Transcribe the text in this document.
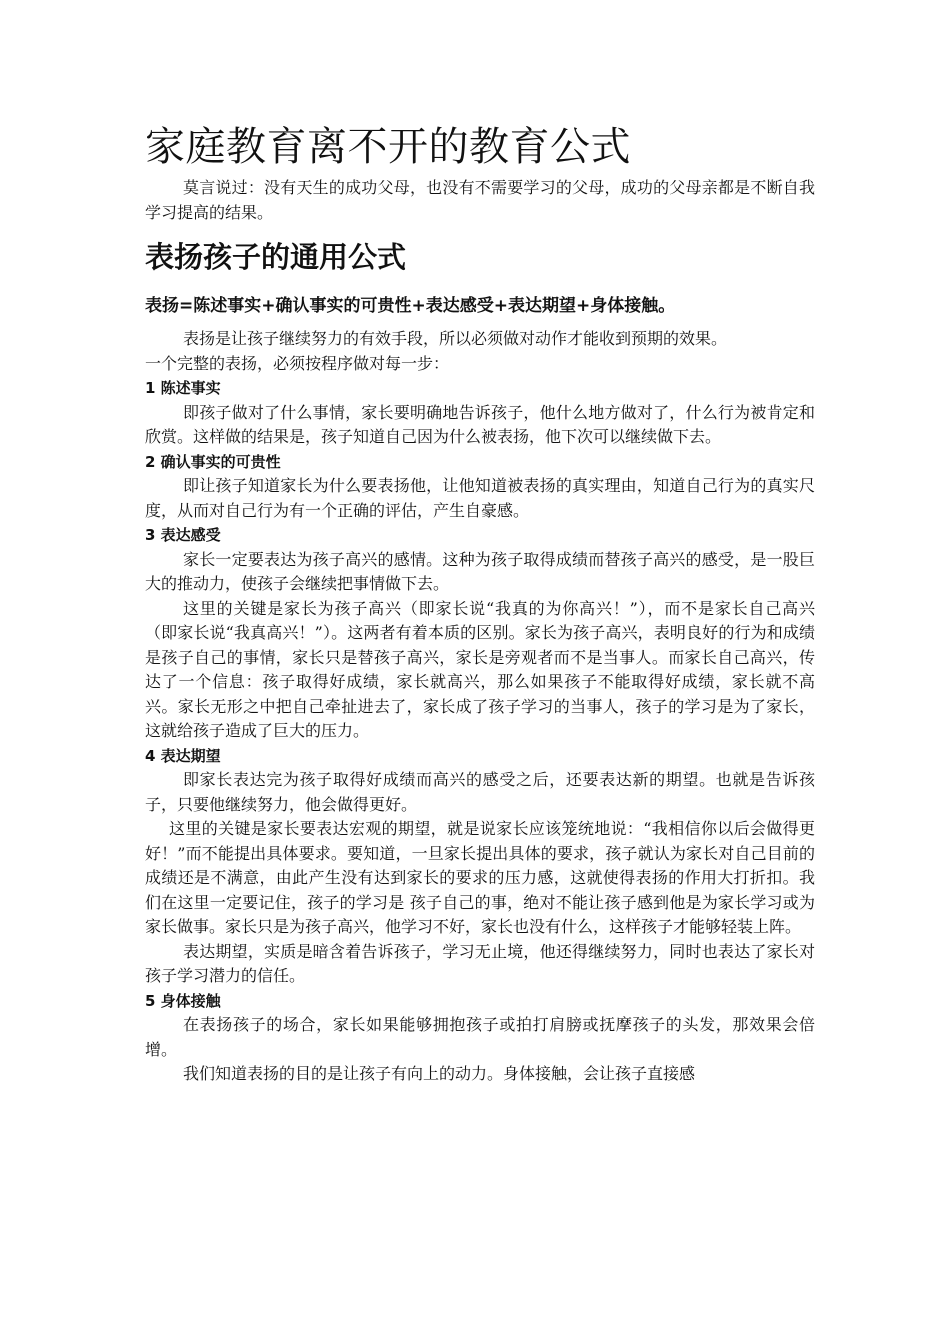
家庭教育离不开的教育公式

莫言说过：没有天生的成功父母，也没有不需要学习的父母，成功的父母亲都是不断自我学习提高的结果。

表扬孩子的通用公式
表扬=陈述事实+确认事实的可贵性+表达感受+表达期望+身体接触。

表扬是让孩子继续努力的有效手段，所以必须做对动作才能收到预期的效果。

一个完整的表扬，必须按程序做对每一步：

1 陈述事实

即孩子做对了什么事情，家长要明确地告诉孩子，他什么地方做对了，什么行为被肯定和欣赏。这样做的结果是，孩子知道自己因为什么被表扬，他下次可以继续做下去。

2 确认事实的可贵性

即让孩子知道家长为什么要表扬他，让他知道被表扬的真实理由，知道自己行为的真实尺度，从而对自己行为有一个正确的评估，产生自豪感。

3 表达感受

家长一定要表达为孩子高兴的感情。这种为孩子取得成绩而替孩子高兴的感受，是一股巨大的推动力，使孩子会继续把事情做下去。

这里的关键是家长为孩子高兴（即家长说“我真的为你高兴！”），而不是家长自己高兴（即家长说“我真高兴！”）。这两者有着本质的区别。家长为孩子高兴，表明良好的行为和成绩是孩子自己的事情，家长只是替孩子高兴，家长是旁观者而不是当事人。而家长自己高兴，传达了一个信息：孩子取得好成绩，家长就高兴，那么如果孩子不能取得好成绩，家长就不高兴。家长无形之中把自己牵扯进去了，家长成了孩子学习的当事人，孩子的学习是为了家长，这就给孩子造成了巨大的压力。

4 表达期望

即家长表达完为孩子取得好成绩而高兴的感受之后，还要表达新的期望。也就是告诉孩子，只要他继续努力，他会做得更好。

这里的关键是家长要表达宏观的期望，就是说家长应该笼统地说：“我相信你以后会做得更好！”而不能提出具体要求。要知道，一旦家长提出具体的要求，孩子就认为家长对自己目前的成绩还是不满意，由此产生没有达到家长的要求的压力感，这就使得表扬的作用大打折扣。我们在这里一定要记住，孩子的学习是 孩子自己的事，绝对不能让孩子感到他是为家长学习或为家长做事。家长只是为孩子高兴，他学习不好，家长也没有什么，这样孩子才能够轻装上阵。

表达期望，实质是暗含着告诉孩子，学习无止境，他还得继续努力，同时也表达了家长对孩子学习潜力的信任。

5 身体接触

在表扬孩子的场合，家长如果能够拥抱孩子或拍打肩膀或抚摩孩子的头发，那效果会倍增。

我们知道表扬的目的是让孩子有向上的动力。身体接触，会让孩子直接感
